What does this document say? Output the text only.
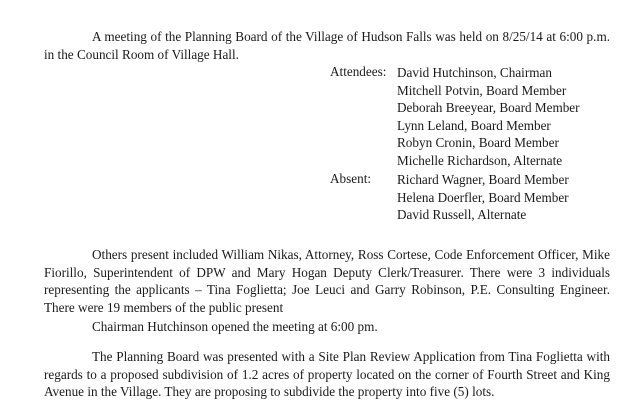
A meeting of the Planning Board of the Village of Hudson Falls was held on 8/25/14 at 6:00 p.m. in the Council Room of Village Hall.

Attendees: David Hutchinson, Chairman
Mitchell Potvin, Board Member
Deborah Breeyear, Board Member
Lynn Leland, Board Member
Robyn Cronin, Board Member
Michelle Richardson, Alternate
Absent: Richard Wagner, Board Member
Helena Doerfler, Board Member
David Russell, Alternate

Others present included William Nikas, Attorney, Ross Cortese, Code Enforcement Officer, Mike Fiorillo, Superintendent of DPW and Mary Hogan Deputy Clerk/Treasurer. There were 3 individuals representing the applicants – Tina Foglietta; Joe Leuci and Garry Robinson, P.E. Consulting Engineer. There were 19 members of the public present

Chairman Hutchinson opened the meeting at 6:00 pm.

The Planning Board was presented with a Site Plan Review Application from Tina Foglietta with regards to a proposed subdivision of 1.2 acres of property located on the corner of Fourth Street and King Avenue in the Village. They are proposing to subdivide the property into five (5) lots.
